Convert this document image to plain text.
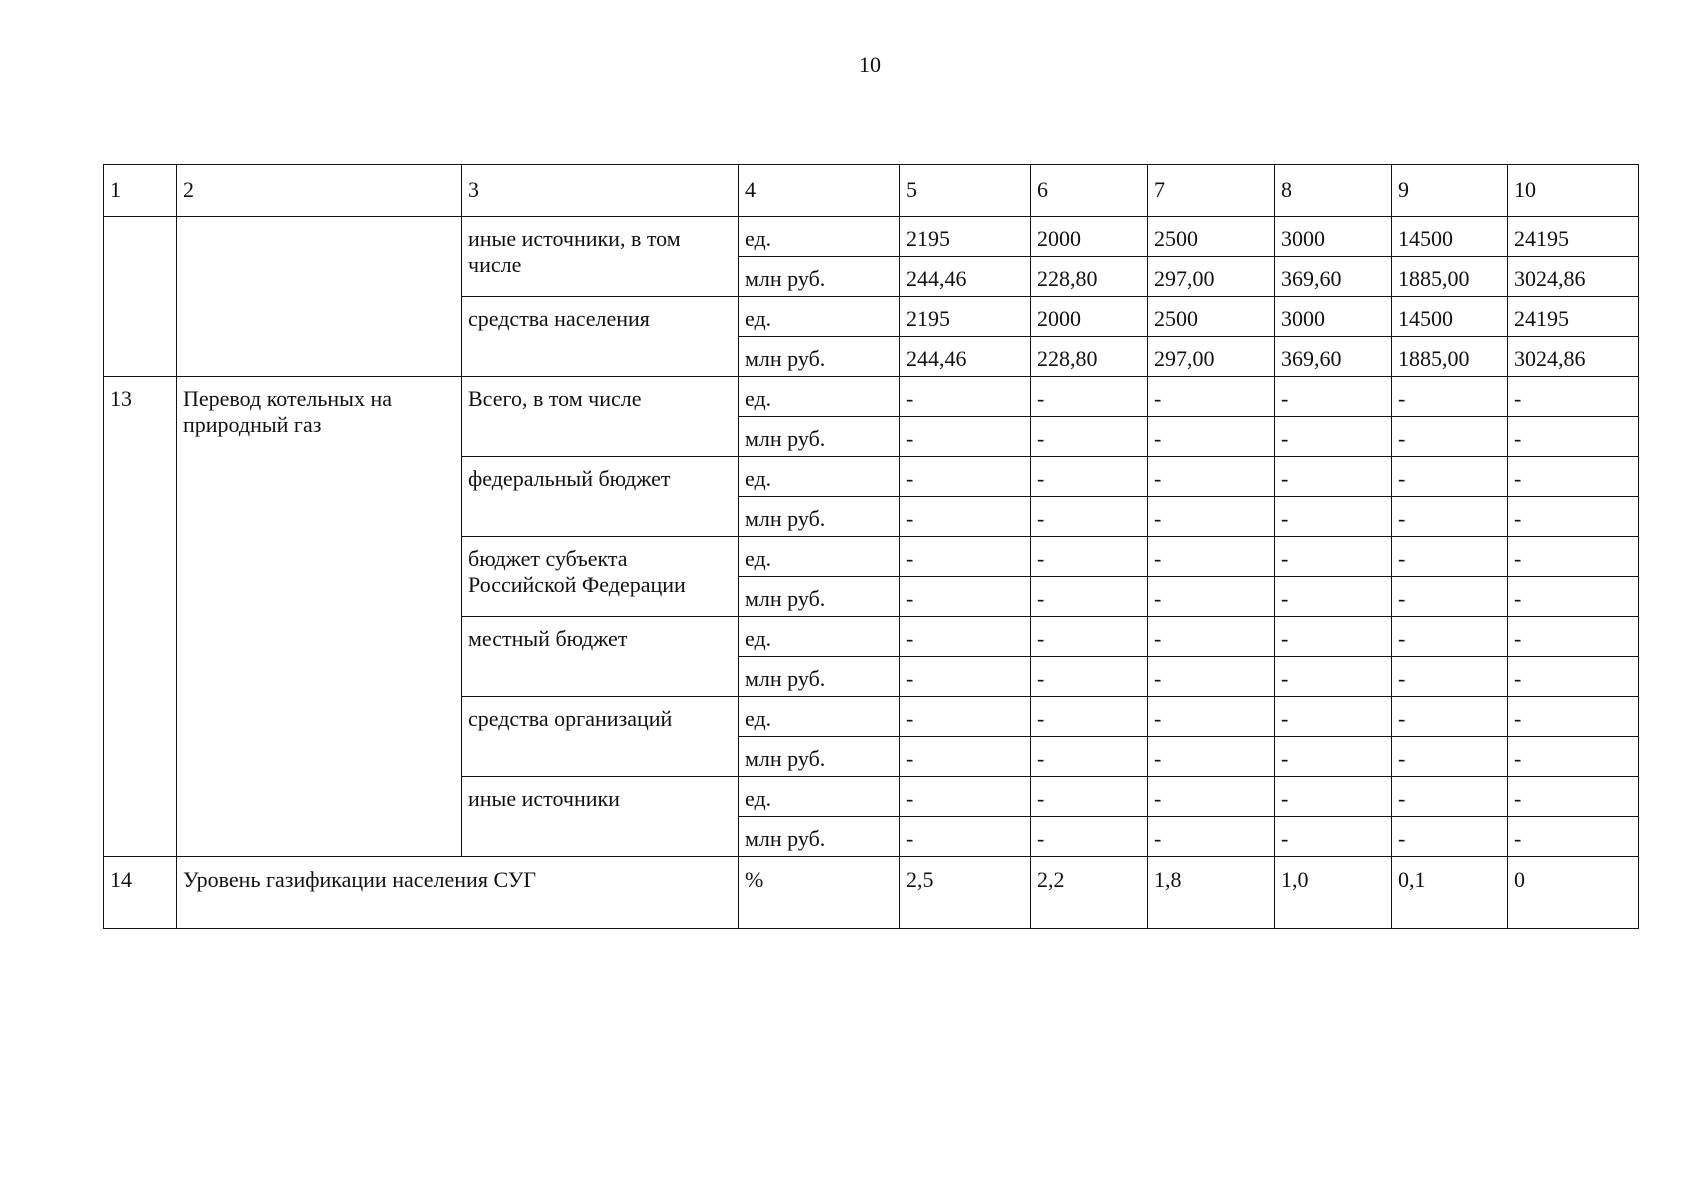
10
1	2	3	4	5	6	7	8	9	10
		иные источники, в том числе	ед.	2195	2000	2500	3000	14500	24195
			млн руб.	244,46	228,80	297,00	369,60	1885,00	3024,86
		средства населения	ед.	2195	2000	2500	3000	14500	24195
			млн руб.	244,46	228,80	297,00	369,60	1885,00	3024,86
13	Перевод котельных на природный газ	Всего, в том числе	ед.	-	-	-	-	-	-
			млн руб.	-	-	-	-	-	-
		федеральный бюджет	ед.	-	-	-	-	-	-
			млн руб.	-	-	-	-	-	-
		бюджет субъекта Российской Федерации	ед.	-	-	-	-	-	-
			млн руб.	-	-	-	-	-	-
		местный бюджет	ед.	-	-	-	-	-	-
			млн руб.	-	-	-	-	-	-
		средства организаций	ед.	-	-	-	-	-	-
			млн руб.	-	-	-	-	-	-
		иные источники	ед.	-	-	-	-	-	-
			млн руб.	-	-	-	-	-	-
14	Уровень газификации населения СУГ		%	2,5	2,2	1,8	1,0	0,1	0
